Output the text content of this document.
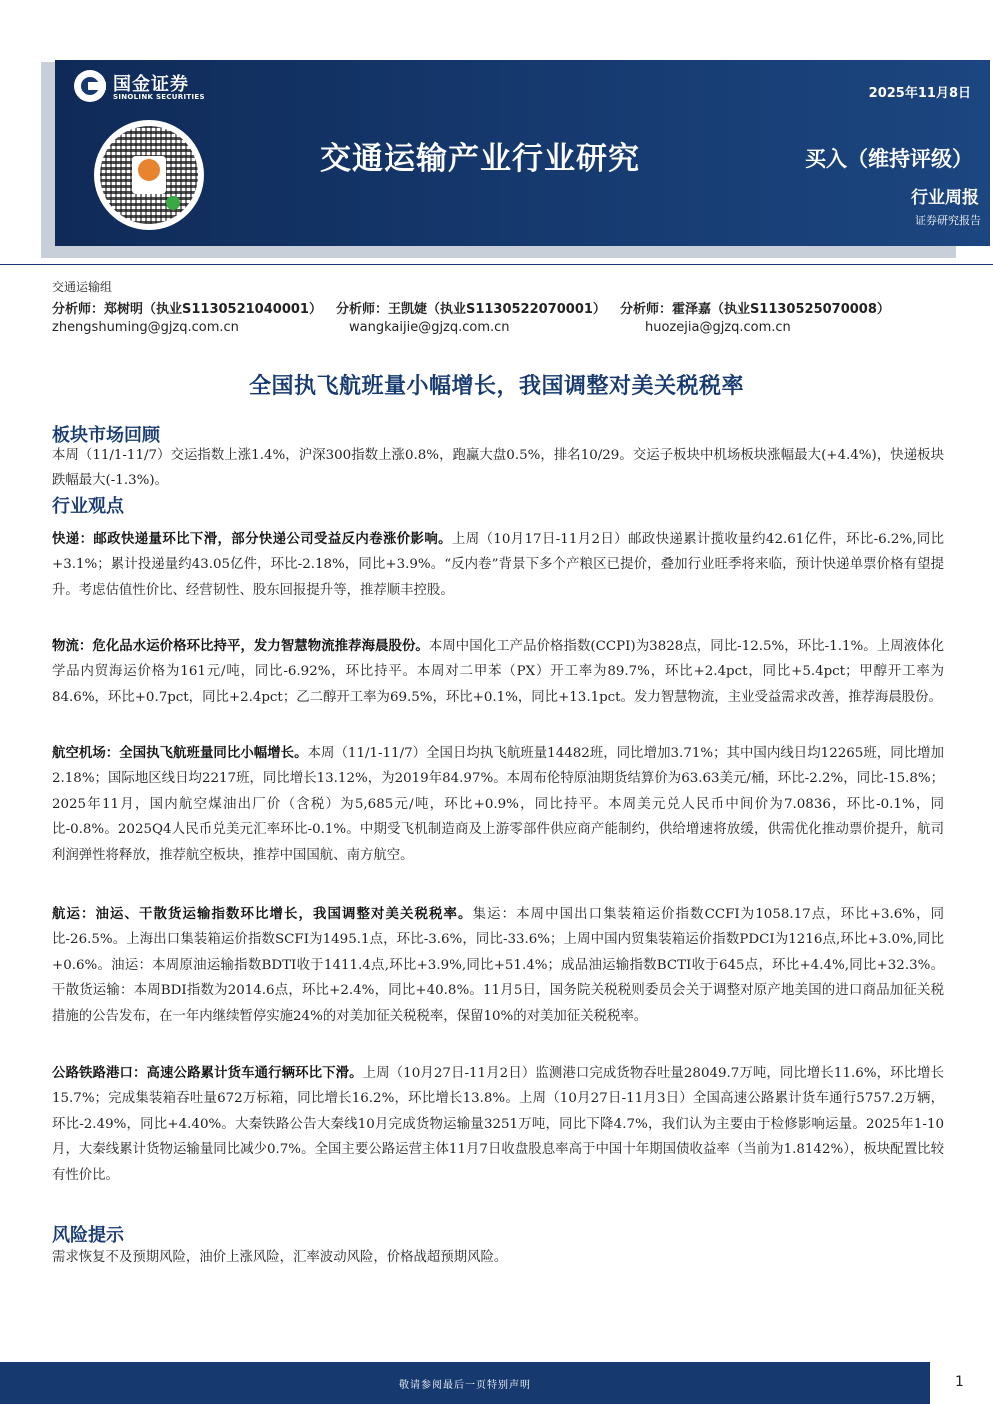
国金证券
SINOLINK SECURITIES	2025年11月8日
交通运输产业行业研究	买入（维持评级）
行业周报
证券研究报告
交通运输组
分析师：郑树明（执业S1130521040001） 分析师：王凯婕（执业S1130522070001） 分析师：霍泽嘉（执业S1130525070008）
zhengshuming@gjzq.com.cn	wangkaijie@gjzq.com.cn	huozejia@gjzq.com.cn
全国执飞航班量小幅增长，我国调整对美关税税率
板块市场回顾
本周（11/1-11/7）交运指数上涨1.4%，沪深300指数上涨0.8%，跑赢大盘0.5%，排名10/29。交运子板块中机场板块涨幅最大(+4.4%)，快递板块跌幅最大(-1.3%)。
行业观点
快递：邮政快递量环比下滑，部分快递公司受益反内卷涨价影响。上周（10月17日-11月2日）邮政快递累计揽收量约42.61亿件，环比-6.2%,同比+3.1%；累计投递量约43.05亿件，环比-2.18%，同比+3.9%。“反内卷”背景下多个产粮区已提价，叠加行业旺季将来临，预计快递单票价格有望提升。考虑估值性价比、经营韧性、股东回报提升等，推荐顺丰控股。
物流：危化品水运价格环比持平，发力智慧物流推荐海晨股份。本周中国化工产品价格指数(CCPI)为3828点，同比-12.5%，环比-1.1%。上周液体化学品内贸海运价格为161元/吨，同比-6.92%，环比持平。本周对二甲苯（PX）开工率为89.7%，环比+2.4pct，同比+5.4pct；甲醇开工率为84.6%，环比+0.7pct，同比+2.4pct；乙二醇开工率为69.5%，环比+0.1%，同比+13.1pct。发力智慧物流，主业受益需求改善，推荐海晨股份。
航空机场：全国执飞航班量同比小幅增长。本周（11/1-11/7）全国日均执飞航班量14482班，同比增加3.71%；其中国内线日均12265班，同比增加2.18%；国际地区线日均2217班，同比增长13.12%，为2019年84.97%。本周布伦特原油期货结算价为63.63美元/桶，环比-2.2%，同比-15.8%；2025年11月，国内航空煤油出厂价（含税）为5,685元/吨，环比+0.9%，同比持平。本周美元兑人民币中间价为7.0836，环比-0.1%，同比-0.8%。2025Q4人民币兑美元汇率环比-0.1%。中期受飞机制造商及上游零部件供应商产能制约，供给增速将放缓，供需优化推动票价提升，航司利润弹性将释放，推荐航空板块，推荐中国国航、南方航空。
航运：油运、干散货运输指数环比增长，我国调整对美关税税率。集运：本周中国出口集装箱运价指数CCFI为1058.17点，环比+3.6%，同比-26.5%。上海出口集装箱运价指数SCFI为1495.1点，环比-3.6%，同比-33.6%；上周中国内贸集装箱运价指数PDCI为1216点,环比+3.0%,同比+0.6%。油运：本周原油运输指数BDTI收于1411.4点,环比+3.9%,同比+51.4%；成品油运输指数BCTI收于645点，环比+4.4%,同比+32.3%。干散货运输：本周BDI指数为2014.6点，环比+2.4%，同比+40.8%。11月5日，国务院关税税则委员会关于调整对原产地美国的进口商品加征关税措施的公告发布，在一年内继续暂停实施24%的对美加征关税税率，保留10%的对美加征关税税率。
公路铁路港口：高速公路累计货车通行辆环比下滑。上周（10月27日-11月2日）监测港口完成货物吞吐量28049.7万吨，同比增长11.6%，环比增长15.7%；完成集装箱吞吐量672万标箱，同比增长16.2%，环比增长13.8%。上周（10月27日-11月3日）全国高速公路累计货车通行5757.2万辆，环比-2.49%，同比+4.40%。大秦铁路公告大秦线10月完成货物运输量3251万吨，同比下降4.7%，我们认为主要由于检修影响运量。2025年1-10月，大秦线累计货物运输量同比减少0.7%。全国主要公路运营主体11月7日收盘股息率高于中国十年期国债收益率（当前为1.8142%），板块配置比较有性价比。
风险提示
需求恢复不及预期风险，油价上涨风险，汇率波动风险，价格战超预期风险。
敬请参阅最后一页特别声明	1
